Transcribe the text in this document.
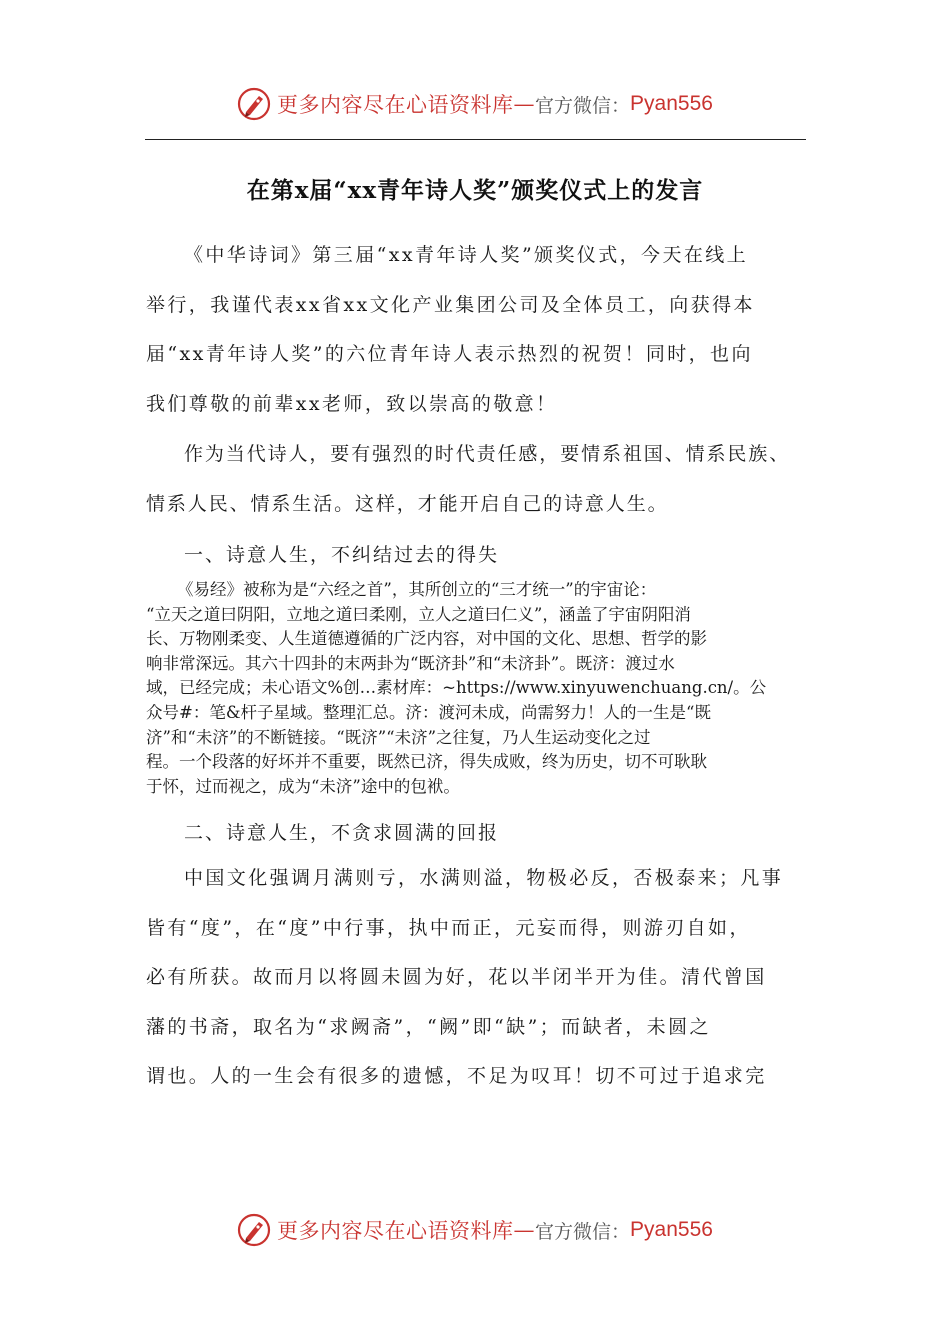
更多内容尽在心语资料库 — 官方微信： Pyan556
在第x届“xx青年诗人奖”颁奖仪式上的发言

《中华诗词》第三届“xx青年诗人奖”颁奖仪式，今天在线上
举行，我谨代表xx省xx文化产业集团公司及全体员工，向获得本
届“xx青年诗人奖”的六位青年诗人表示热烈的祝贺！同时，也向
我们尊敬的前辈xx老师，致以崇高的敬意！

作为当代诗人，要有强烈的时代责任感，要情系祖国、情系民族、
情系人民、情系生活。这样，才能开启自己的诗意人生。

一、诗意人生，不纠结过去的得失

《易经》被称为是“六经之首”，其所创立的“三才统一”的宇宙论：
“立天之道曰阴阳，立地之道曰柔刚，立人之道曰仁义”，涵盖了宇宙阴阳消
长、万物刚柔变、人生道德遵循的广泛内容，对中国的文化、思想、哲学的影
响非常深远。其六十四卦的末两卦为“既济卦”和“未济卦”。既济：渡过水
域，已经完成；未心语文%创…素材库：~https://www.xinyuwenchuang.cn/。公
众号#：笔&杆子星域。整理汇总。济：渡河未成，尚需努力！人的一生是“既
济”和“未济”的不断链接。“既济”“未济”之往复，乃人生运动变化之过
程。一个段落的好坏并不重要，既然已济，得失成败，终为历史，切不可耿耿
于怀，过而视之，成为“未济”途中的包袱。

二、诗意人生，不贪求圆满的回报

中国文化强调月满则亏，水满则溢，物极必反，否极泰来；凡事
皆有“度”，在“度”中行事，执中而正，元妄而得，则游刃自如，
必有所获。故而月以将圆未圆为好，花以半闭半开为佳。清代曾国
藩的书斋，取名为“求阙斋”，“阙”即“缺”；而缺者，未圆之
谓也。人的一生会有很多的遗憾，不足为叹耳！切不可过于追求完

更多内容尽在心语资料库 — 官方微信： Pyan556
